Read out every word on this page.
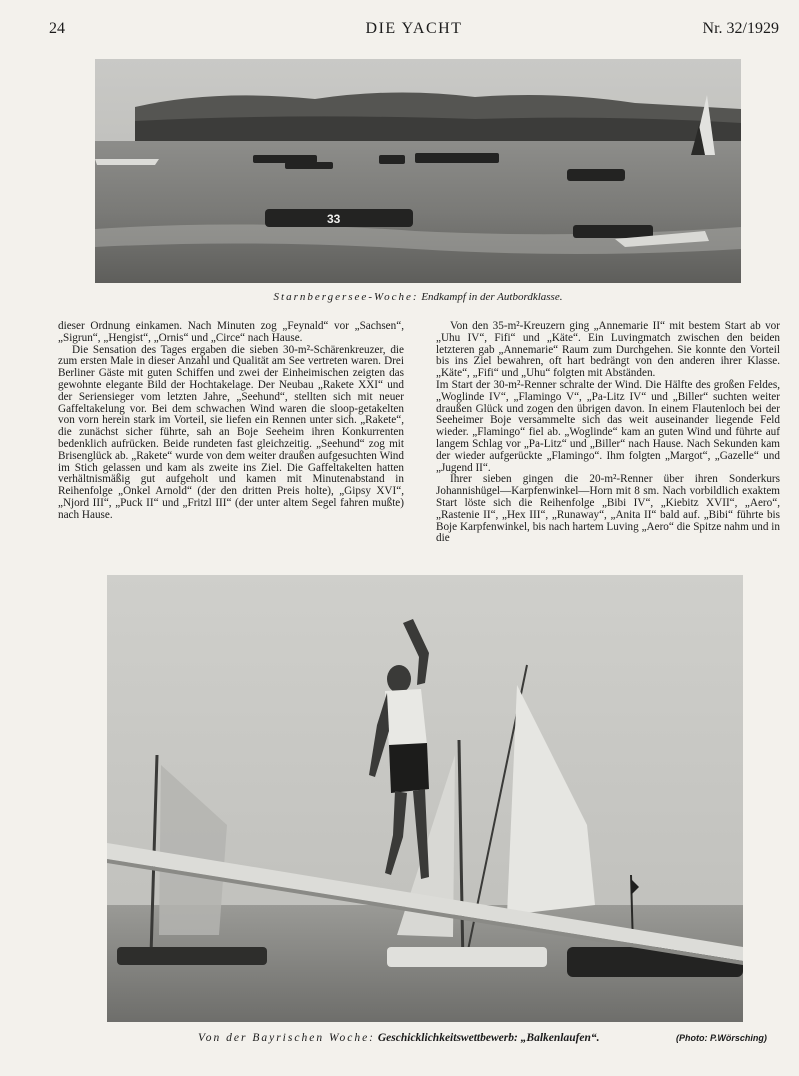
24	DIE YACHT	Nr. 32/1929
33
Starnbergersee-Woche: Endkampf in der Autbordklasse.

dieser Ordnung einkamen. Nach Minuten zog „Feynald“ vor „Sachsen“, „Sigrun“, „Hengist“, „Ornis“ und „Circe“ nach Hause.

Die Sensation des Tages ergaben die sieben 30-m²-Schärenkreuzer, die zum ersten Male in dieser Anzahl und Qualität am See vertreten waren. Drei Berliner Gäste mit guten Schiffen und zwei der Einheimischen zeigten das gewohnte elegante Bild der Hochtakelage. Der Neubau „Rakete XXI“ und der Seriensieger vom letzten Jahre, „Seehund“, stellten sich mit neuer Gaffeltakelung vor. Bei dem schwachen Wind waren die sloop-getakelten von vorn herein stark im Vorteil, sie liefen ein Rennen unter sich. „Rakete“, die zunächst sicher führte, sah an Boje Seeheim ihren Konkurrenten bedenklich aufrücken. Beide rundeten fast gleichzeitig. „Seehund“ zog mit Brisenglück ab. „Rakete“ wurde von dem weiter draußen aufgesuchten Wind im Stich gelassen und kam als zweite ins Ziel. Die Gaffeltakelten hatten verhältnismäßig gut aufgeholt und kamen mit Minutenabstand in Reihenfolge „Onkel Arnold“ (der den dritten Preis holte), „Gipsy XVI“, „Njord III“, „Puck II“ und „Fritzl III“ (der unter altem Segel fahren mußte) nach Hause.

Von den 35-m²-Kreuzern ging „Annemarie II“ mit bestem Start ab vor „Uhu IV“, Fifi“ und „Käte“. Ein Luvingmatch zwischen den beiden letzteren gab „Annemarie“ Raum zum Durchgehen. Sie konnte den Vorteil bis ins Ziel bewahren, oft hart bedrängt von den anderen ihrer Klasse. „Käte“, „Fifi“ und „Uhu“ folgten mit Abständen.

Im Start der 30-m²-Renner schralte der Wind. Die Hälfte des großen Feldes, „Woglinde IV“, „Flamingo V“, „Pa-Litz IV“ und „Biller“ suchten weiter draußen Glück und zogen den übrigen davon. In einem Flautenloch bei der Seeheimer Boje versammelte sich das weit auseinander liegende Feld wieder. „Flamingo“ fiel ab. „Woglinde“ kam an guten Wind und führte auf langem Schlag vor „Pa-Litz“ und „Biller“ nach Hause. Nach Sekunden kam der wieder aufgerückte „Flamingo“. Ihm folgten „Margot“, „Gazelle“ und „Jugend II“.

Ihrer sieben gingen die 20-m²-Renner über ihren Sonderkurs Johannishügel—Karpfenwinkel—Horn mit 8 sm. Nach vorbildlich exaktem Start löste sich die Reihenfolge „Bibi IV“, „Kiebitz XVII“, „Aero“, „Rastenie II“, „Hex III“, „Runaway“, „Anita II“ bald auf. „Bibi“ führte bis Boje Karpfenwinkel, bis nach hartem Luving „Aero“ die Spitze nahm und in die

Von der Bayrischen Woche: Geschicklichkeitswettbewerb: „Balkenlaufen“.	(Photo: P.Wörsching)
